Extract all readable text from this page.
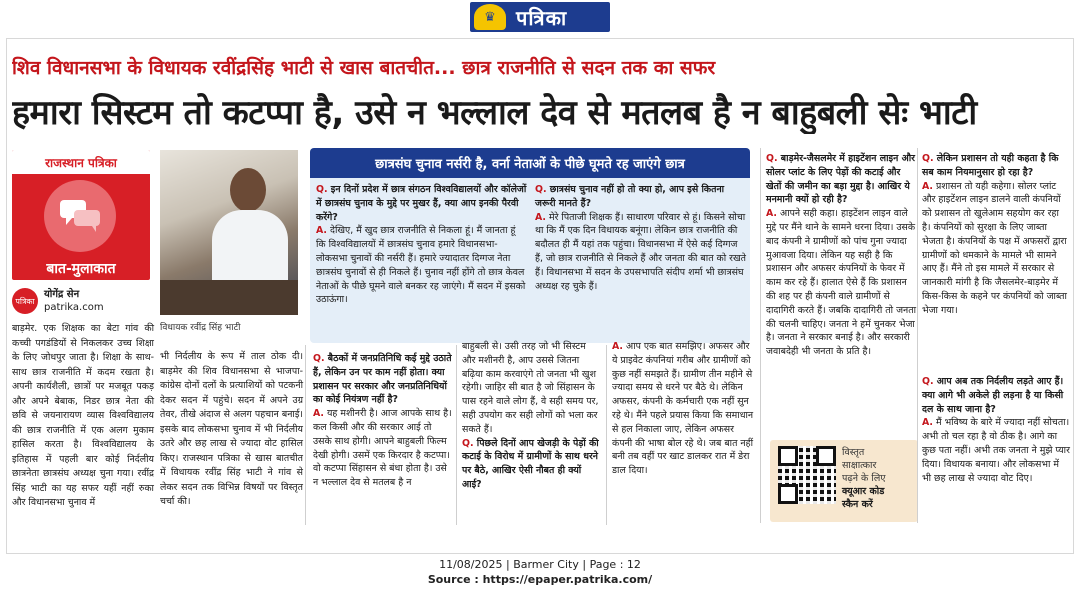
♛	पत्रिका
शिव विधानसभा के विधायक रवींद्रसिंह भाटी से खास बातचीत... छात्र राजनीति से सदन तक का सफर
हमारा सिस्टम तो कटप्पा है, उसे न भल्लाल देव से मतलब है न बाहुबली सेः भाटी
राजस्थान पत्रिका
बात-मुलाकात
विधायक रवींद्र सिंह भाटी
पत्रिका
योगेंद्र सेन
patrika.com
बाड़मेर. एक शिक्षक का बेटा गांव की कच्ची पगडंडियों से निकलकर उच्च शिक्षा के लिए जोधपुर जाता है। शिक्षा के साथ-साथ छात्र राजनीति में कदम रखता है। अपनी कार्यशैली, छात्रों पर मजबूत पकड़ और अपने बेबाक, निडर छात्र नेता की छवि से जयनारायण व्यास विश्वविद्यालय की छात्र राजनीति में एक अलग मुकाम हासिल करता है। विश्वविद्यालय के इतिहास में पहली बार कोई निर्दलीय छात्रनेता छात्रसंघ अध्यक्ष चुना गया। रवींद्र सिंह भाटी का यह सफर यहीं नहीं रुका और विधानसभा चुनाव में
भी निर्दलीय के रूप में ताल ठोक दी। बाड़मेर की शिव विधानसभा से भाजपा-कांग्रेस दोनों दलों के प्रत्याशियों को पटकनी देकर सदन में पहुंचे। सदन में अपने उग्र तेवर, तीखे अंदाज से अलग पहचान बनाई। इसके बाद लोकसभा चुनाव में भी निर्दलीय उतरे और छह लाख से ज्यादा वोट हासिल किए। राजस्थान पत्रिका से खास बातचीत में विधायक रवींद्र सिंह भाटी ने गांव से लेकर सदन तक विभिन्न विषयों पर विस्तृत चर्चा की।
छात्रसंघ चुनाव नर्सरी है, वर्ना नेताओं के पीछे घूमते रह जाएंगे छात्र
Q. इन दिनों प्रदेश में छात्र संगठन विश्वविद्यालयों और कॉलेजों में छात्रसंघ चुनाव के मुद्दे पर मुखर हैं, क्या आप इनकी पैरवी करेंगे?
A. देखिए, मैं खुद छात्र राजनीति से निकला हूं। मैं जानता हूं कि विश्वविद्यालयों में छात्रसंघ चुनाव हमारे विधानसभा-लोकसभा चुनावों की नर्सरी हैं। हमारे ज्यादातर दिग्गज नेता छात्रसंघ चुनावों से ही निकले हैं। चुनाव नहीं होंगे तो छात्र केवल नेताओं के पीछे घूमने वाले बनकर रह जाएंगे। मैं सदन में इसको उठाऊंगा।
Q. छात्रसंघ चुनाव नहीं हो तो क्या हो, आप इसे कितना जरूरी मानते हैं?
A. मेरे पिताजी शिक्षक हैं। साधारण परिवार से हूं। किसने सोचा था कि मैं एक दिन विधायक बनूंगा। लेकिन छात्र राजनीति की बदौलत ही मैं यहां तक पहुंचा। विधानसभा में ऐसे कई दिग्गज हैं, जो छात्र राजनीति से निकले हैं और जनता की बात को रखते हैं। विधानसभा में सदन के उपसभापति संदीप शर्मा भी छात्रसंघ अध्यक्ष रह चुके हैं।
Q. बैठकों में जनप्रतिनिधि कई मुद्दे उठाते हैं, लेकिन उन पर काम नहीं होता। क्या प्रशासन पर सरकार और जनप्रतिनिधियों का कोई नियंत्रण नहीं है?
A. यह मशीनरी है। आज आपके साथ है। कल किसी और की सरकार आई तो उसके साथ होगी। आपने बाहुबली फिल्म देखी होगी। उसमें एक किरदार है कटप्पा। वो कटप्पा सिंहासन से बंधा होता है। उसे न भल्लाल देव से मतलब है न
बाहुबली से। उसी तरह जो भी सिस्टम और मशीनरी है, आप उससे जितना बढ़िया काम करवाएंगे तो जनता भी खुश रहेगी। जाहिर सी बात है जो सिंहासन के पास रहने वाले लोग हैं, वे सही समय पर, सही उपयोग कर सही लोगों को भला कर सकते हैं।
Q. पिछले दिनों आप खेजड़ी के पेड़ों की कटाई के विरोध में ग्रामीणों के साथ धरने पर बैठे, आखिर ऐसी नौबत ही क्यों आई?
A. आप एक बात समझिए। अफसर और ये प्राइवेट कंपनियां गरीब और ग्रामीणों को कुछ नहीं समझते हैं। ग्रामीण तीन महीने से ज्यादा समय से धरने पर बैठे थे। लेकिन अफसर, कंपनी के कर्मचारी एक नहीं सुन रहे थे। मैंने पहले प्रयास किया कि समाधान से हल निकाला जाए, लेकिन अफसर कंपनी की भाषा बोल रहे थे। जब बात नहीं बनी तब वहीं पर खाट डालकर रात में डेरा डाल दिया।
Q. बाड़मेर-जैसलमेर में हाइटेंशन लाइन और सोलर प्लांट के लिए पेड़ों की कटाई और खेतों की जमीन का बड़ा मुद्दा है। आखिर ये मनमानी क्यों हो रही है?
A. आपने सही कहा। हाइटेंशन लाइन वाले मुद्दे पर मैंने थाने के सामने धरना दिया। उसके बाद कंपनी ने ग्रामीणों को पांच गुना ज्यादा मुआवजा दिया। लेकिन यह सही है कि प्रशासन और अफसर कंपनियों के फेवर में काम कर रहे हैं। हालात ऐसे हैं कि प्रशासन की शह पर ही कंपनी वाले ग्रामीणों से दादागिरी करते हैं। जबकि दादागिरी तो जनता की चलनी चाहिए। जनता ने हमें चुनकर भेजा है। जनता ने सरकार बनाई है। और सरकारी जवाबदेही भी जनता के प्रति है।
Q. लेकिन प्रशासन तो यही कहता है कि सब काम नियमानुसार हो रहा है?
A. प्रशासन तो यही कहेगा। सोलर प्लांट और हाइटेंशन लाइन डालने वाली कंपनियों को प्रशासन तो खुलेआम सहयोग कर रहा है। कंपनियों को सुरक्षा के लिए जाब्ता भेजता है। कंपनियों के पक्ष में अफसरों द्वारा ग्रामीणों को धमकाने के मामले भी सामने आए हैं। मैंने तो इस मामले में सरकार से जानकारी मांगी है कि जैसलमेर-बाड़मेर में किस-किस के कहने पर कंपनियों को जाब्ता भेजा गया।
Q. आप अब तक निर्दलीय लड़ते आए हैं। क्या आगे भी अकेले ही लड़ना है या किसी दल के साथ जाना है?
A. मैं भविष्य के बारे में ज्यादा नहीं सोचता। अभी तो चल रहा है वो ठीक है। आगे का कुछ पता नहीं। अभी तक जनता ने मुझे प्यार दिया। विधायक बनाया। और लोकसभा में भी छह लाख से ज्यादा वोट दिए।
विस्तृत
साक्षात्कार
पढ़ने के लिए
क्यूआर कोड
स्कैन करें
11/08/2025 | Barmer City | Page : 12
Source : https://epaper.patrika.com/
